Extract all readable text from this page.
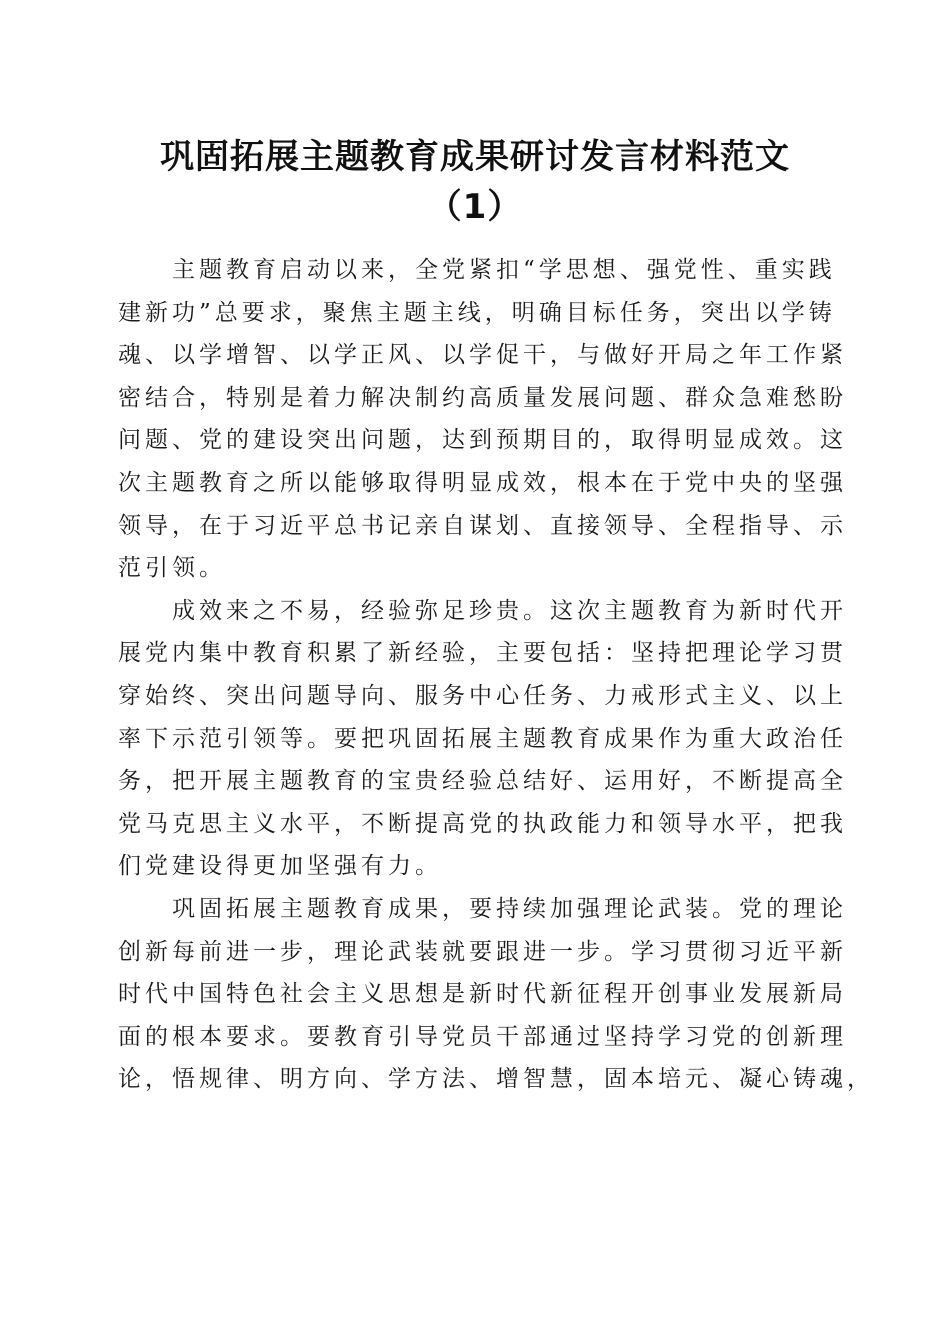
巩固拓展主题教育成果研讨发言材料范文
（1）

主题教育启动以来，全党紧扣“学思想、强党性、重实践
建新功”总要求，聚焦主题主线，明确目标任务，突出以学铸
魂、以学增智、以学正风、以学促干，与做好开局之年工作紧
密结合，特别是着力解决制约高质量发展问题、群众急难愁盼
问题、党的建设突出问题，达到预期目的，取得明显成效。这
次主题教育之所以能够取得明显成效，根本在于党中央的坚强
领导，在于习近平总书记亲自谋划、直接领导、全程指导、示
范引领。

成效来之不易，经验弥足珍贵。这次主题教育为新时代开
展党内集中教育积累了新经验，主要包括：坚持把理论学习贯
穿始终、突出问题导向、服务中心任务、力戒形式主义、以上
率下示范引领等。要把巩固拓展主题教育成果作为重大政治任
务，把开展主题教育的宝贵经验总结好、运用好，不断提高全
党马克思主义水平，不断提高党的执政能力和领导水平，把我
们党建设得更加坚强有力。

巩固拓展主题教育成果，要持续加强理论武装。党的理论
创新每前进一步，理论武装就要跟进一步。学习贯彻习近平新
时代中国特色社会主义思想是新时代新征程开创事业发展新局
面的根本要求。要教育引导党员干部通过坚持学习党的创新理
论，悟规律、明方向、学方法、增智慧，固本培元、凝心铸魂，
